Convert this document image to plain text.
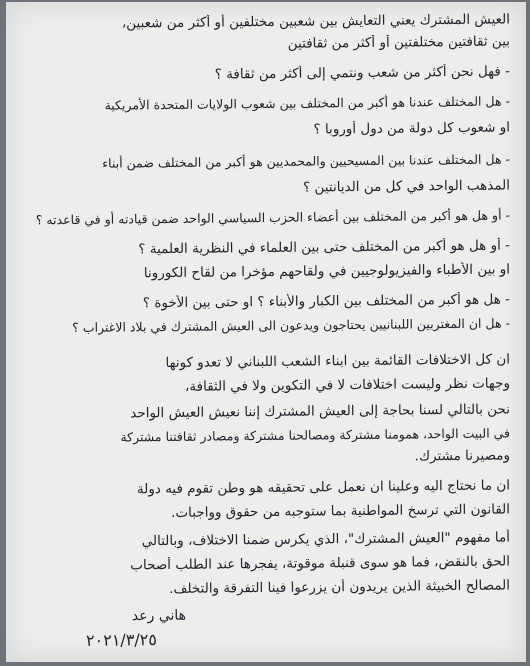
العيش المشترك يعني التعايش بين شعبين مختلفين أو أكثر من شعبين،
بين ثقافتين مختلفتين أو أكثر من ثقافتين
- فهل نحن أكثر من شعب ونتمي إلى أكثر من ثقافة ؟
- هل المختلف عندنا هو أكبر من المختلف بين شعوب الولايات المتحدة الأمريكية
او شعوب كل دولة من دول أوروبا ؟
- هل المختلف عندنا بين المسيحيين والمحمديين هو أكبر من المختلف ضمن أبناء
المذهب الواحد في كل من الديانتين ؟
- أو هل هو أكبر من المختلف بين أعضاء الحزب السياسي الواحد ضمن قيادته أو في قاعدته ؟
- أو هل هو أكبر من المختلف حتى بين العلماء في النظرية العلمية ؟
او بين الأطباء والفيزيولوجيين في ولقاحهم مؤخرا من لقاح الكورونا
- هل هو أكبر من المختلف بين الكبار والأبناء ؟ او حتى بين الأخوة ؟
- هل ان المغتربين اللبنانيين يحتاجون ويدعون الى العيش المشترك في بلاد الاغتراب ؟
ان كل الاختلافات القائمة بين ابناء الشعب اللبناني لا تعدو كونها
وجهات نظر وليست اختلافات لا في التكوين ولا في الثقافة،
نحن بالتالي لسنا بحاجة إلى العيش المشترك إننا نعيش العيش الواحد
في البيت الواحد، همومنا مشتركة ومصالحنا مشتركة ومصادر ثقافتنا مشتركة
ومصيرنا مشترك.
ان ما نحتاج اليه وعلينا ان نعمل على تحقيقه هو وطن تقوم فيه دولة
القانون التي ترسخ المواطنية بما ستوجبه من حقوق وواجبات.
أما مفهوم "العيش المشترك"، الذي يكرس ضمنا الاختلاف، وبالتالي
الحق بالنقض، فما هو سوى قنبلة موقوتة، يفجرها عند الطلب أصحاب
المصالح الخبيثة الذين يريدون أن يزرعوا فينا التفرقة والتخلف.
هاني رعد
٢٠٢١/٣/٢٥
